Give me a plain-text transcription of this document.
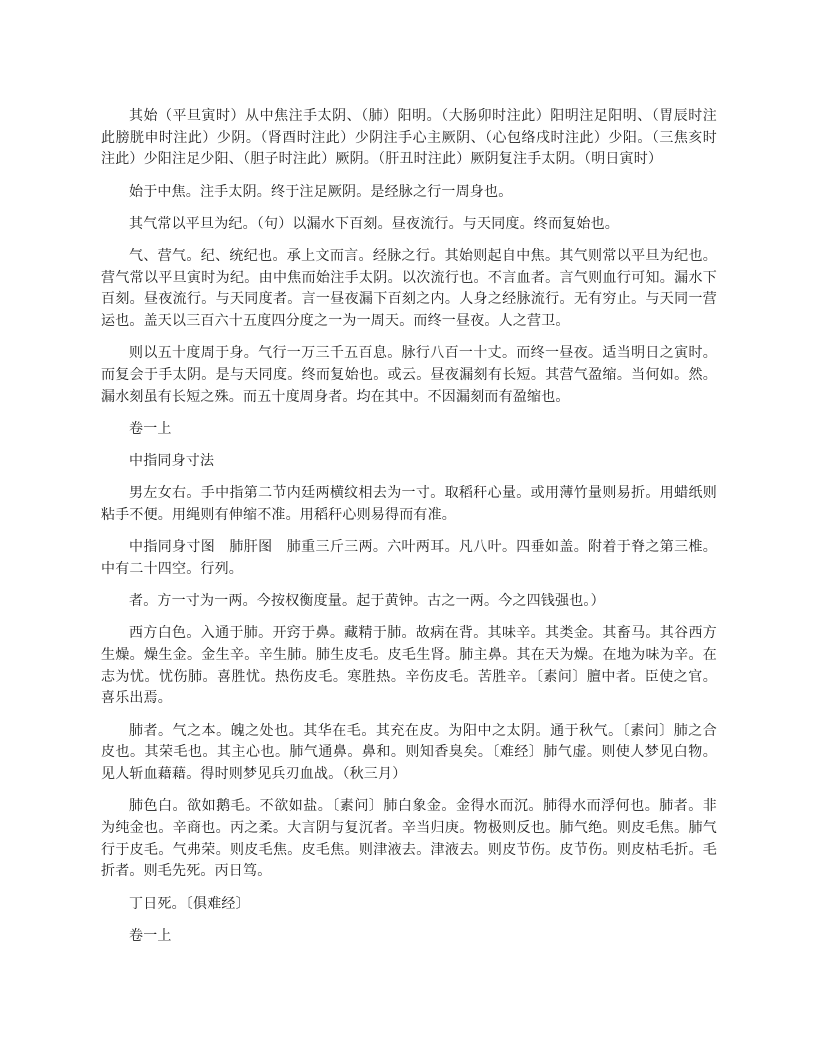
其始（平旦寅时）从中焦注手太阴、（肺）阳明。（大肠卯时注此）阳明注足阳明、（胃辰时注此膀胱申时注此）少阴。（肾酉时注此）少阴注手心主厥阴、（心包络戌时注此）少阳。（三焦亥时注此）少阳注足少阳、（胆子时注此）厥阴。（肝丑时注此）厥阴复注手太阴。（明日寅时）

始于中焦。注手太阴。终于注足厥阴。是经脉之行一周身也。

其气常以平旦为纪。（句）以漏水下百刻。昼夜流行。与天同度。终而复始也。

气、营气。纪、统纪也。承上文而言。经脉之行。其始则起自中焦。其气则常以平旦为纪也。营气常以平旦寅时为纪。由中焦而始注手太阴。以次流行也。不言血者。言气则血行可知。漏水下百刻。昼夜流行。与天同度者。言一昼夜漏下百刻之内。人身之经脉流行。无有穷止。与天同一营运也。盖天以三百六十五度四分度之一为一周天。而终一昼夜。人之营卫。

则以五十度周于身。气行一万三千五百息。脉行八百一十丈。而终一昼夜。适当明日之寅时。而复会于手太阴。是与天同度。终而复始也。或云。昼夜漏刻有长短。其营气盈缩。当何如。然。漏水刻虽有长短之殊。而五十度周身者。均在其中。不因漏刻而有盈缩也。

卷一上

中指同身寸法

男左女右。手中指第二节内廷两横纹相去为一寸。取稻秆心量。或用薄竹量则易折。用蜡纸则粘手不便。用绳则有伸缩不准。用稻秆心则易得而有准。

中指同身寸图　肺肝图　肺重三斤三两。六叶两耳。凡八叶。四垂如盖。附着于脊之第三椎。中有二十四空。行列。

者。方一寸为一两。今按权衡度量。起于黄钟。古之一两。今之四钱强也。）

西方白色。入通于肺。开窍于鼻。藏精于肺。故病在背。其味辛。其类金。其畜马。其谷西方生燥。燥生金。金生辛。辛生肺。肺生皮毛。皮毛生肾。肺主鼻。其在天为燥。在地为味为辛。在志为忧。忧伤肺。喜胜忧。热伤皮毛。寒胜热。辛伤皮毛。苦胜辛。〔素问〕膻中者。臣使之官。喜乐出焉。

肺者。气之本。魄之处也。其华在毛。其充在皮。为阳中之太阴。通于秋气。〔素问〕肺之合皮也。其荣毛也。其主心也。肺气通鼻。鼻和。则知香臭矣。〔难经〕肺气虚。则使人梦见白物。见人斩血藉藉。得时则梦见兵刃血战。（秋三月）

肺色白。欲如鹅毛。不欲如盐。〔素问〕肺白象金。金得水而沉。肺得水而浮何也。肺者。非为纯金也。辛商也。丙之柔。大言阴与复沉者。辛当归庚。物极则反也。肺气绝。则皮毛焦。肺气行于皮毛。气弗荣。则皮毛焦。皮毛焦。则津液去。津液去。则皮节伤。皮节伤。则皮枯毛折。毛折者。则毛先死。丙日笃。

丁日死。〔俱难经〕

卷一上
